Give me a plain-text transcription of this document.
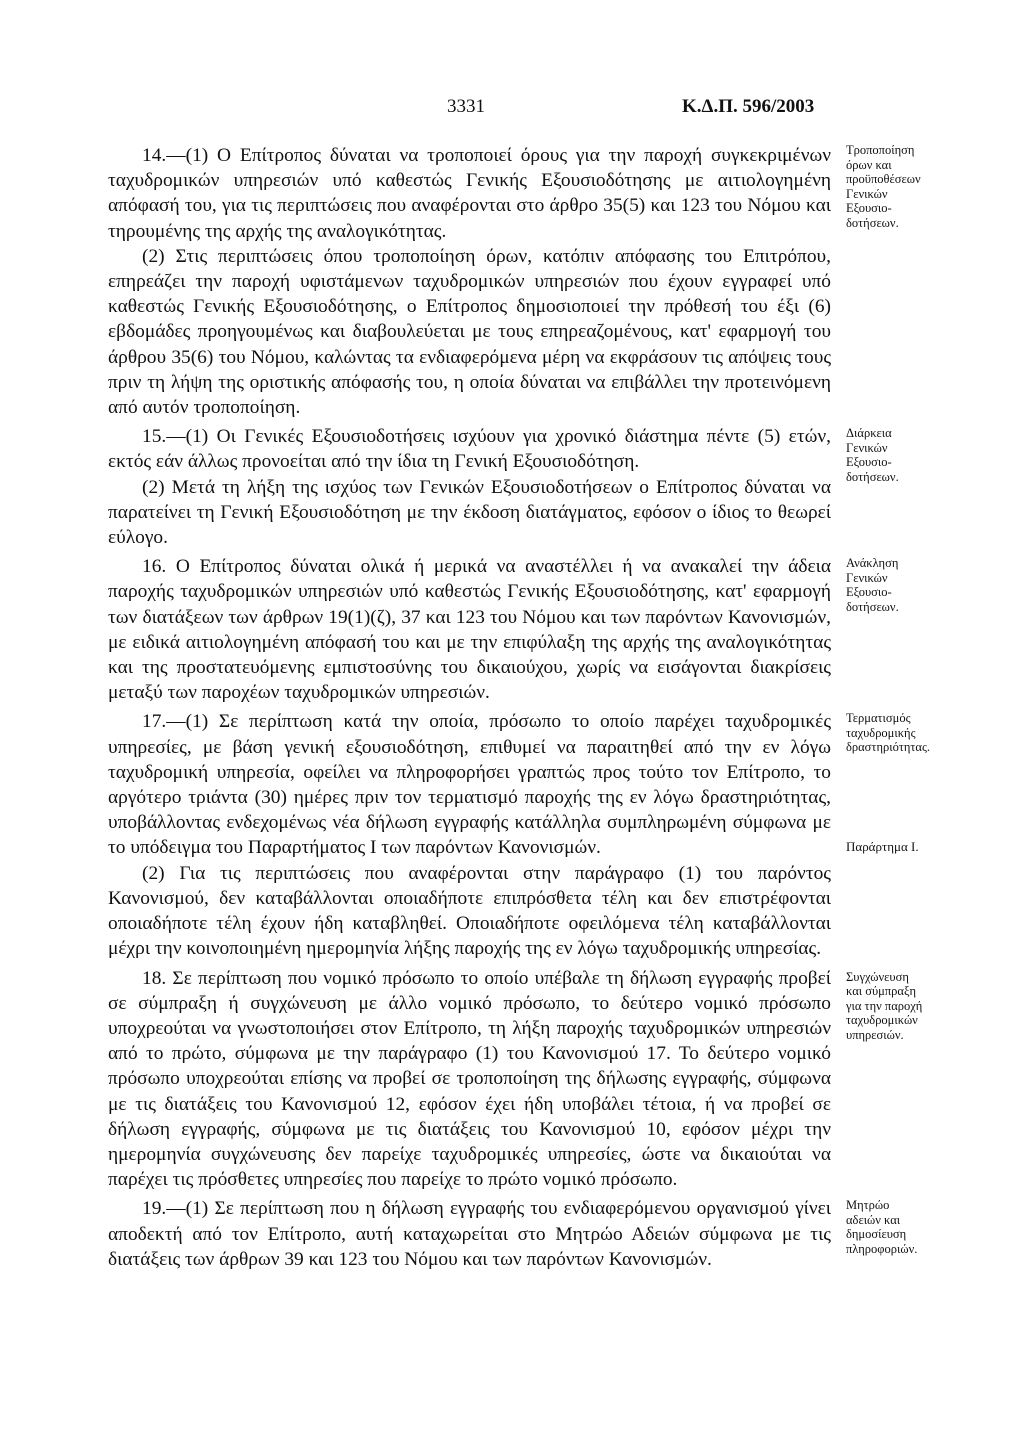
3331	Κ.Δ.Π. 596/2003

Τροποποίηση
όρων και
προϋποθέσεων
Γενικών
Εξουσιο-
δοτήσεων.

14.—(1) Ο Επίτροπος δύναται να τροποποιεί όρους για την παροχή συγκεκριμένων ταχυδρομικών υπηρεσιών υπό καθεστώς Γενικής Εξουσιοδότησης με αιτιολογημένη απόφασή του, για τις περιπτώσεις που αναφέρονται στο άρθρο 35(5) και 123 του Νόμου και τηρουμένης της αρχής της αναλογικότητας.

(2) Στις περιπτώσεις όπου τροποποίηση όρων, κατόπιν απόφασης του Επιτρόπου, επηρεάζει την παροχή υφιστάμενων ταχυδρομικών υπηρεσιών που έχουν εγγραφεί υπό καθεστώς Γενικής Εξουσιοδότησης, ο Επίτροπος δημοσιοποιεί την πρόθεσή του έξι (6) εβδομάδες προηγουμένως και διαβουλεύεται με τους επηρεαζομένους, κατ' εφαρμογή του άρθρου 35(6) του Νόμου, καλώντας τα ενδιαφερόμενα μέρη να εκφράσουν τις απόψεις τους πριν τη λήψη της οριστικής απόφασής του, η οποία δύναται να επιβάλλει την προτεινόμενη από αυτόν τροποποίηση.

Διάρκεια
Γενικών
Εξουσιο-
δοτήσεων.

15.—(1) Οι Γενικές Εξουσιοδοτήσεις ισχύουν για χρονικό διάστημα πέντε (5) ετών, εκτός εάν άλλως προνοείται από την ίδια τη Γενική Εξουσιοδότηση.

(2) Μετά τη λήξη της ισχύος των Γενικών Εξουσιοδοτήσεων ο Επίτροπος δύναται να παρατείνει τη Γενική Εξουσιοδότηση με την έκδοση διατάγματος, εφόσον ο ίδιος το θεωρεί εύλογο.

Ανάκληση
Γενικών
Εξουσιο-
δοτήσεων.

16. Ο Επίτροπος δύναται ολικά ή μερικά να αναστέλλει ή να ανακαλεί την άδεια παροχής ταχυδρομικών υπηρεσιών υπό καθεστώς Γενικής Εξουσιοδότησης, κατ' εφαρμογή των διατάξεων των άρθρων 19(1)(ζ), 37 και 123 του Νόμου και των παρόντων Κανονισμών, με ειδικά αιτιολογημένη απόφασή του και με την επιφύλαξη της αρχής της αναλογικότητας και της προστατευόμενης εμπιστοσύνης του δικαιούχου, χωρίς να εισάγονται διακρίσεις μεταξύ των παροχέων ταχυδρομικών υπηρεσιών.

Τερματισμός
ταχυδρομικής
δραστηριότητας.

Παράρτημα Ι.

17.—(1) Σε περίπτωση κατά την οποία, πρόσωπο το οποίο παρέχει ταχυδρομικές υπηρεσίες, με βάση γενική εξουσιοδότηση, επιθυμεί να παραιτηθεί από την εν λόγω ταχυδρομική υπηρεσία, οφείλει να πληροφορήσει γραπτώς προς τούτο τον Επίτροπο, το αργότερο τριάντα (30) ημέρες πριν τον τερματισμό παροχής της εν λόγω δραστηριότητας, υποβάλλοντας ενδεχομένως νέα δήλωση εγγραφής κατάλληλα συμπληρωμένη σύμφωνα με το υπόδειγμα του Παραρτήματος Ι των παρόντων Κανονισμών.

(2) Για τις περιπτώσεις που αναφέρονται στην παράγραφο (1) του παρόντος Κανονισμού, δεν καταβάλλονται οποιαδήποτε επιπρόσθετα τέλη και δεν επιστρέφονται οποιαδήποτε τέλη έχουν ήδη καταβληθεί. Οποιαδήποτε οφειλόμενα τέλη καταβάλλονται μέχρι την κοινοποιημένη ημερομηνία λήξης παροχής της εν λόγω ταχυδρομικής υπηρεσίας.

Συγχώνευση
και σύμπραξη
για την παροχή
ταχυδρομικών
υπηρεσιών.

18. Σε περίπτωση που νομικό πρόσωπο το οποίο υπέβαλε τη δήλωση εγγραφής προβεί σε σύμπραξη ή συγχώνευση με άλλο νομικό πρόσωπο, το δεύτερο νομικό πρόσωπο υποχρεούται να γνωστοποιήσει στον Επίτροπο, τη λήξη παροχής ταχυδρομικών υπηρεσιών από το πρώτο, σύμφωνα με την παράγραφο (1) του Κανονισμού 17. Το δεύτερο νομικό πρόσωπο υποχρεούται επίσης να προβεί σε τροποποίηση της δήλωσης εγγραφής, σύμφωνα με τις διατάξεις του Κανονισμού 12, εφόσον έχει ήδη υποβάλει τέτοια, ή να προβεί σε δήλωση εγγραφής, σύμφωνα με τις διατάξεις του Κανονισμού 10, εφόσον μέχρι την ημερομηνία συγχώνευσης δεν παρείχε ταχυδρομικές υπηρεσίες, ώστε να δικαιούται να παρέχει τις πρόσθετες υπηρεσίες που παρείχε το πρώτο νομικό πρόσωπο.

Μητρώο
αδειών και
δημοσίευση
πληροφοριών.

19.—(1) Σε περίπτωση που η δήλωση εγγραφής του ενδιαφερόμενου οργανισμού γίνει αποδεκτή από τον Επίτροπο, αυτή καταχωρείται στο Μητρώο Αδειών σύμφωνα με τις διατάξεις των άρθρων 39 και 123 του Νόμου και των παρόντων Κανονισμών.
